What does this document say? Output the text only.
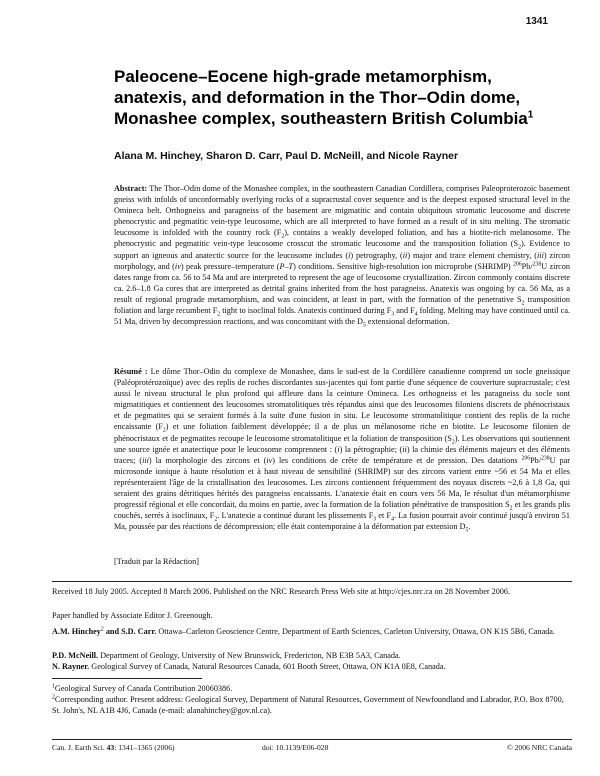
1341
Paleocene–Eocene high-grade metamorphism,
anatexis, and deformation in the Thor–Odin dome,
Monashee complex, southeastern British Columbia$^1$

Alana M. Hinchey, Sharon D. Carr, Paul D. McNeill, and Nicole Rayner

Abstract: The Thor–Odin dome of the Monashee complex, in the southeastern Canadian Cordillera, comprises Paleoproterozoic basement gneiss with infolds of unconformably overlying rocks of a supracrustal cover sequence and is the deepest exposed structural level in the Omineca belt. Orthogneiss and paragneiss of the basement are migmatitic and contain ubiquitous stromatic leucosome and discrete phenocrystic and pegmatitic vein-type leucosome, which are all interpreted to have formed as a result of in situ melting. The stromatic leucosome is infolded with the country rock $(F_2)$, contains a weakly developed foliation, and has a biotite-rich melanosome. The phenocrystic and pegmatitic vein-type leucosome crosscut the stromatic leucosome and the transposition foliation $(S_2)$. Evidence to support an igneous and anatectic source for the leucosome includes (i) petrography, (ii) major and trace element chemistry, (iii) zircon morphology, and (iv) peak pressure–temperature (P–T) conditions. Sensitive high-resolution ion microprobe (SHRIMP) $^{206}$Pb/$^{238}$U zircon dates range from ca. 56 to 54 Ma and are interpreted to represent the age of leucosome crystallization. Zircon commonly contains discrete ca. 2.6–1.8 Ga cores that are interpreted as detrital grains inherited from the host paragneiss. Anatexis was ongoing by ca. 56 Ma, as a result of regional prograde metamorphism, and was coincident, at least in part, with the formation of the penetrative $S_2$ transposition foliation and large recumbent $F_2$ tight to isoclinal folds. Anatexis continued during $F_3$ and $F_4$ folding. Melting may have continued until ca. 51 Ma, driven by decompression reactions, and was concomitant with the $D_5$ extensional deformation.

Résumé : Le dôme Thor–Odin du complexe de Monashee, dans le sud-est de la Cordillère canadienne comprend un socle gneissique (Paléoprotérozoïque) avec des replis de roches discordantes sus-jacentes qui font partie d'une séquence de couverture supracrustale; c'est aussi le niveau structural le plus profond qui affleure dans la ceinture Omineca. Les orthogneiss et les paragneiss du socle sont migmatitiques et contiennent des leucosomes stromatolitiques très répandus ainsi que des leucosomes filoniens discrets de phénocristaux et de pegmatites qui se seraient formés à la suite d'une fusion in situ. Le leucosome stromatolitique contient des replis de la roche encaissante $(F_2)$ et une foliation faiblement développée; il a de plus un mélanosome riche en biotite. Le leucosome filonien de phénocristaux et de pegmatites recoupe le leucosome stromatolitique et la foliation de transposition $(S_2)$. Les observations qui soutiennent une source ignée et anatectique pour le leucosome comprennent : (i) la pétrographie; (ii) la chimie des éléments majeurs et des éléments traces; (iii) la morphologie des zircons et (iv) les conditions de crête de température et de pression. Des datations $^{206}$Pb/$^{238}$U par microsonde ionique à haute résolution et à haut niveau de sensibilité (SHRIMP) sur des zircons varient entre ~56 et 54 Ma et elles représenteraient l'âge de la cristallisation des leucosomes. Les zircons contiennent fréquemment des noyaux discrets ~2,6 à 1,8 Ga, qui seraient des grains détritiques hérités des paragneiss encaissants. L'anatexie était en cours vers 56 Ma, le résultat d'un métamorphisme progressif régional et elle concordait, du moins en partie, avec la formation de la foliation pénétrative de transposition $S_2$ et les grands plis couchés, serrés à isoclinaux, $F_2$. L'anatexie a continué durant les plissements $F_3$ et $F_4$. La fusion pourrait avoir continué jusqu'à environ 51 Ma, poussée par des réactions de décompression; elle était contemporaine à la déformation par extension $D_5$.

[Traduit par la Rédaction]

Received 18 July 2005. Accepted 8 March 2006. Published on the NRC Research Press Web site at http://cjes.nrc.ca on 28 November 2006.

Paper handled by Associate Editor J. Greenough.

A.M. Hinchey$^2$ and S.D. Carr. Ottawa–Carleton Geoscience Centre, Department of Earth Sciences, Carleton University, Ottawa, ON K1S 5B6, Canada.

P.D. McNeill. Department of Geology, University of New Brunswick, Fredericton, NB E3B 5A3, Canada.

N. Rayner. Geological Survey of Canada, Natural Resources Canada, 601 Booth Street, Ottawa, ON K1A 0E8, Canada.

$^1$Geological Survey of Canada Contribution 20060386.

$^2$Corresponding author. Present address: Geological Survey, Department of Natural Resources, Government of Newfoundland and Labrador, P.O. Box 8700, St. John's, NL A1B 4J6, Canada (e-mail: alanahinchey@gov.nl.ca).

Can. J. Earth Sci. 43: 1341–1365 (2006)	doi: 10.1139/E06-028	© 2006 NRC Canada
